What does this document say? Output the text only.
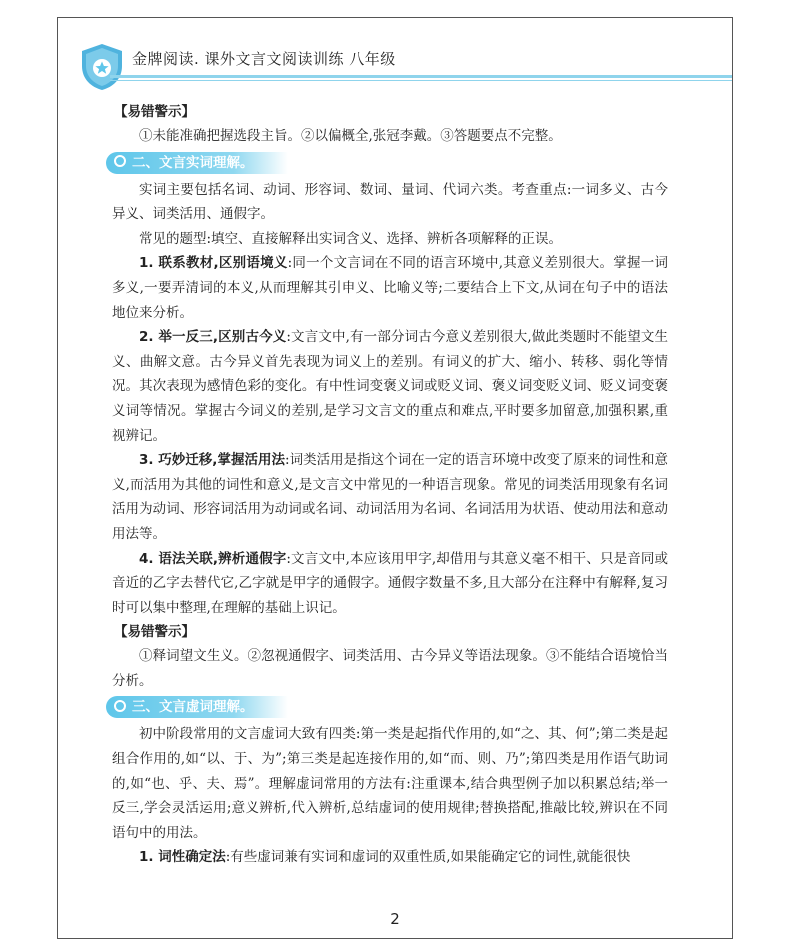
金牌阅读. 课外文言文阅读训练 八年级
【易错警示】

①未能准确把握选段主旨。②以偏概全,张冠李戴。③答题要点不完整。

二、文言实词理解。

实词主要包括名词、动词、形容词、数词、量词、代词六类。考查重点:一词多义、古今异义、词类活用、通假字。

常见的题型:填空、直接解释出实词含义、选择、辨析各项解释的正误。

1. 联系教材,区别语境义:同一个文言词在不同的语言环境中,其意义差别很大。掌握一词多义,一要弄清词的本义,从而理解其引申义、比喻义等;二要结合上下文,从词在句子中的语法地位来分析。

2. 举一反三,区别古今义:文言文中,有一部分词古今意义差别很大,做此类题时不能望文生义、曲解文意。古今异义首先表现为词义上的差别。有词义的扩大、缩小、转移、弱化等情况。其次表现为感情色彩的变化。有中性词变褒义词或贬义词、褒义词变贬义词、贬义词变褒义词等情况。掌握古今词义的差别,是学习文言文的重点和难点,平时要多加留意,加强积累,重视辨记。

3. 巧妙迁移,掌握活用法:词类活用是指这个词在一定的语言环境中改变了原来的词性和意义,而活用为其他的词性和意义,是文言文中常见的一种语言现象。常见的词类活用现象有名词活用为动词、形容词活用为动词或名词、动词活用为名词、名词活用为状语、使动用法和意动用法等。

4. 语法关联,辨析通假字:文言文中,本应该用甲字,却借用与其意义毫不相干、只是音同或音近的乙字去替代它,乙字就是甲字的通假字。通假字数量不多,且大部分在注释中有解释,复习时可以集中整理,在理解的基础上识记。

【易错警示】

①释词望文生义。②忽视通假字、词类活用、古今异义等语法现象。③不能结合语境恰当分析。

三、文言虚词理解。

初中阶段常用的文言虚词大致有四类:第一类是起指代作用的,如“之、其、何”;第二类是起组合作用的,如“以、于、为”;第三类是起连接作用的,如“而、则、乃”;第四类是用作语气助词的,如“也、乎、夫、焉”。理解虚词常用的方法有:注重课本,结合典型例子加以积累总结;举一反三,学会灵活运用;意义辨析,代入辨析,总结虚词的使用规律;替换搭配,推敲比较,辨识在不同语句中的用法。

1. 词性确定法:有些虚词兼有实词和虚词的双重性质,如果能确定它的词性,就能很快

2
